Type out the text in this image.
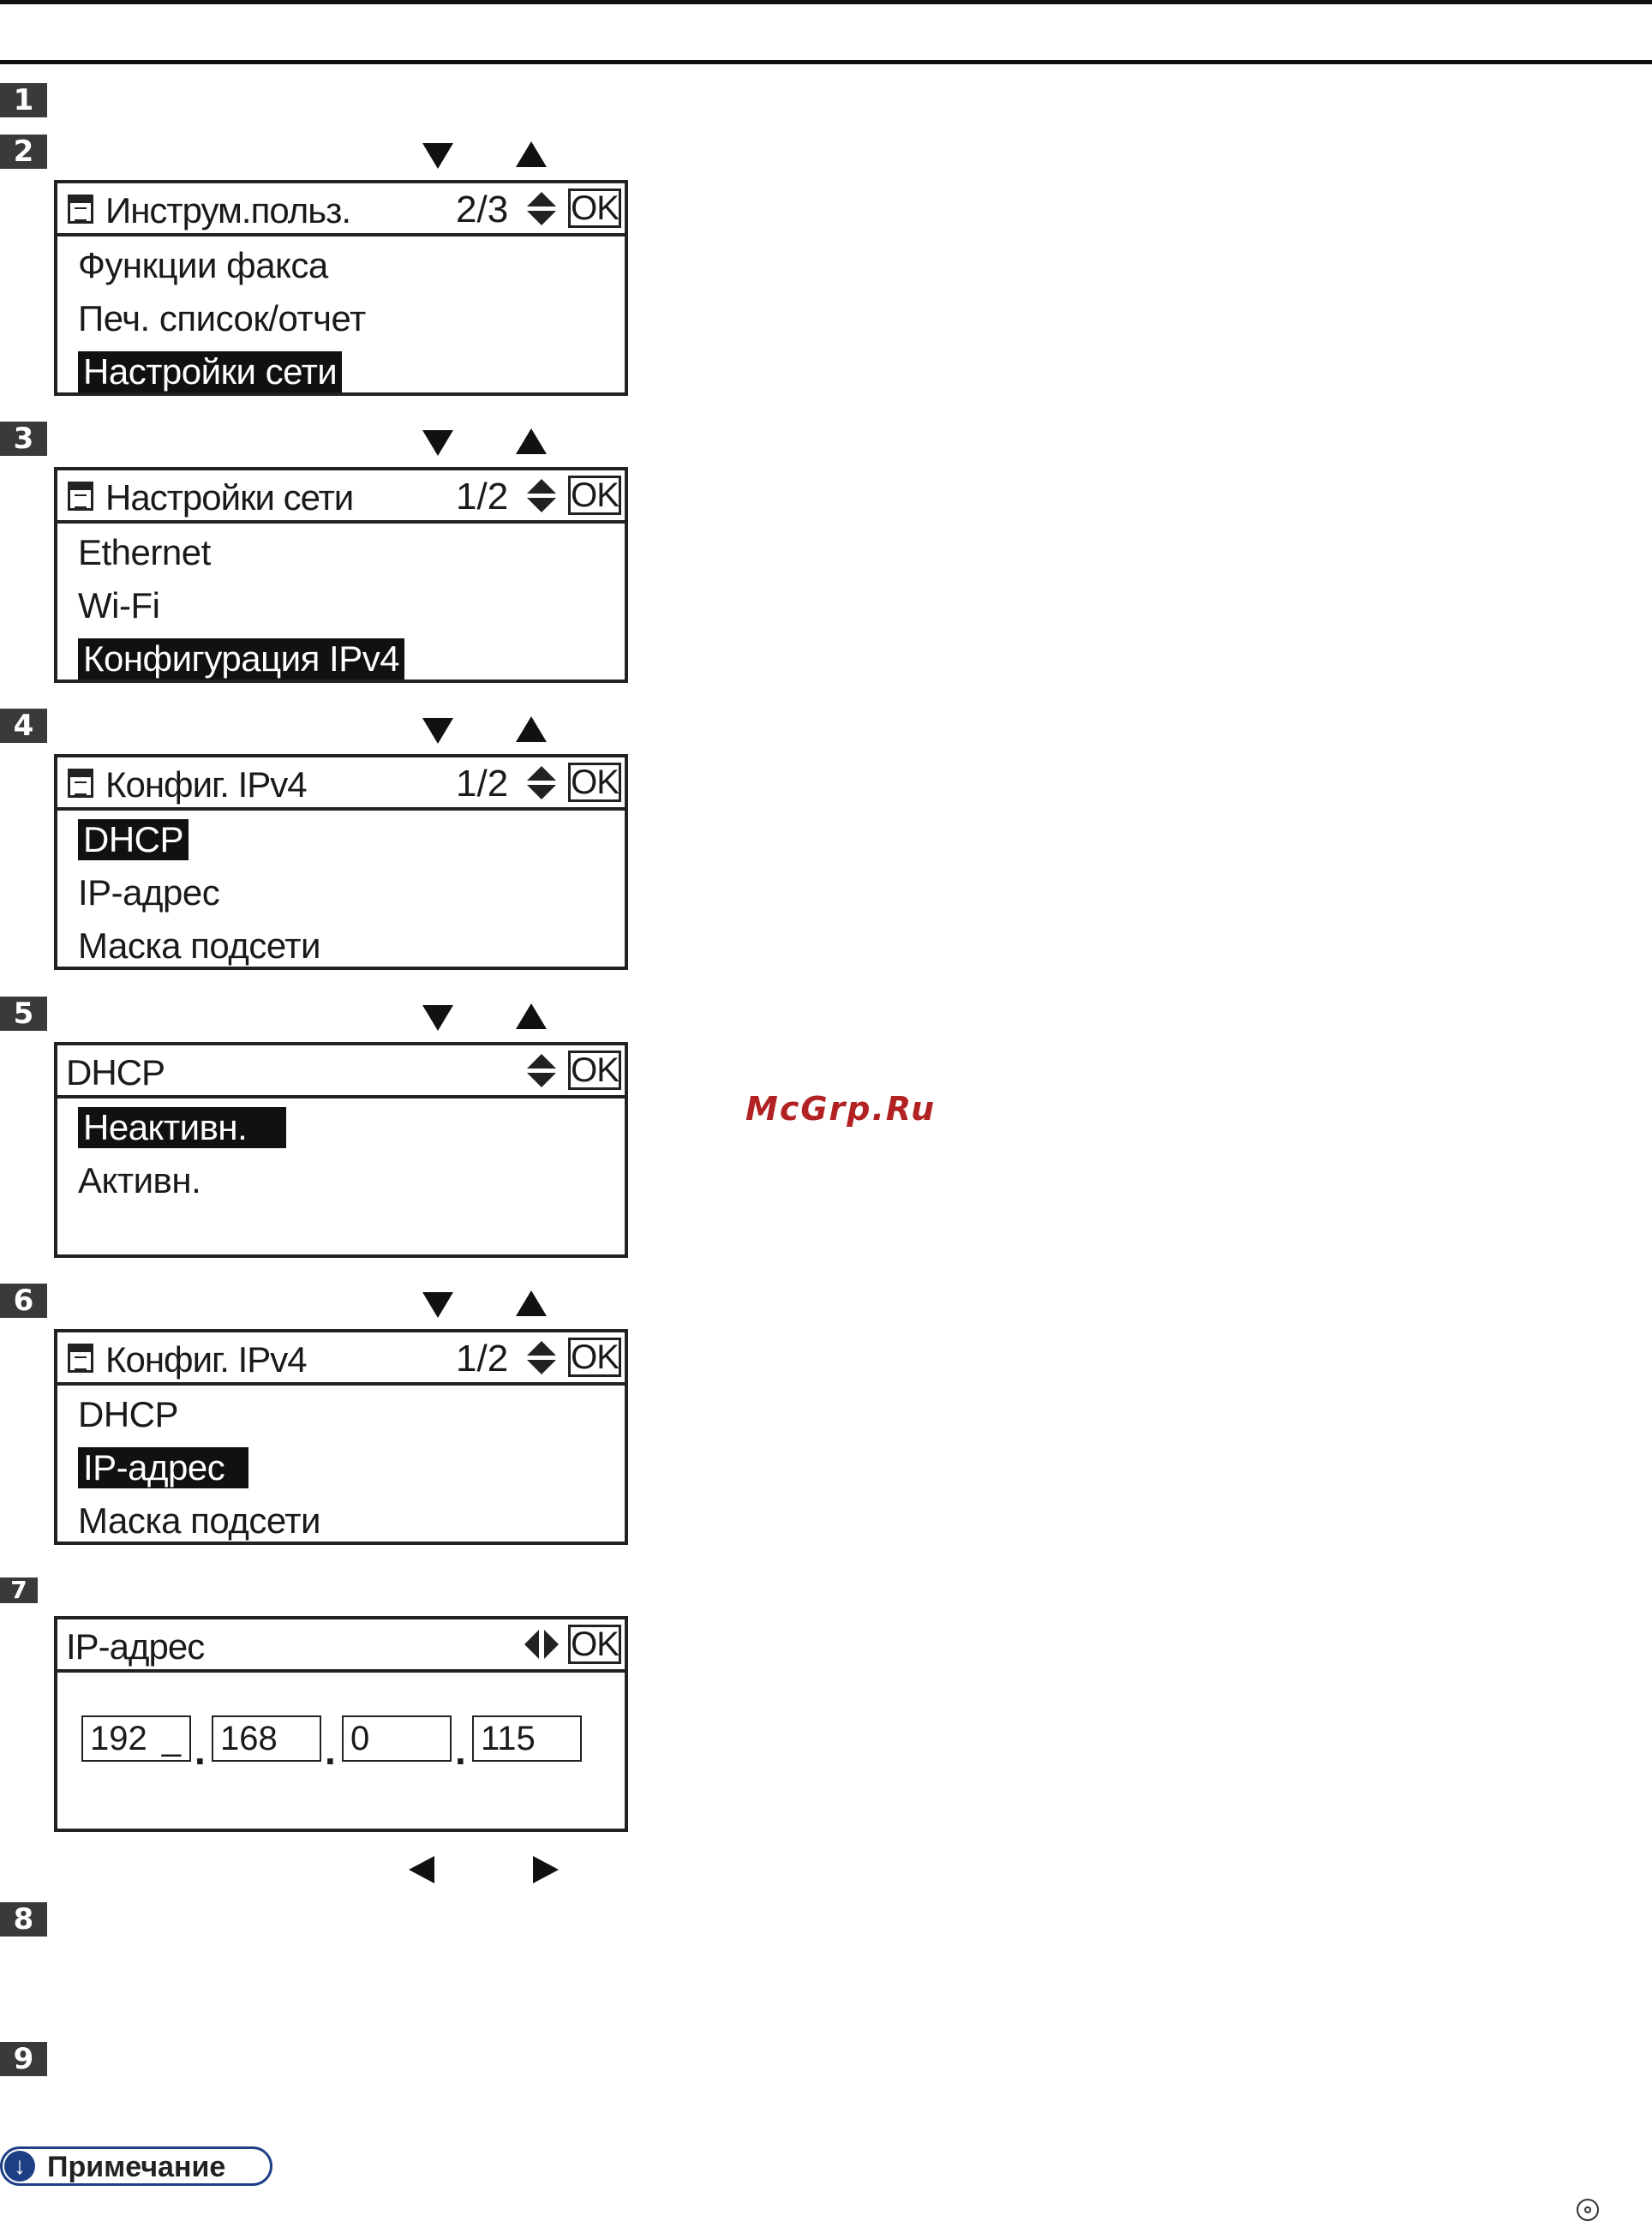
1
2
Инструм.польз.	2/3 OK
Функции факса
Печ. список/отчет
Настройки сети
3
Настройки сети	1/2 OK
Ethernet
Wi-Fi
Конфигурация IPv4
4
Конфиг. IPv4	1/2 OK
DHCP
IP-адрес
Маска подсети
5
DHCP	OK
Неактивн.
Активн.
6
Конфиг. IPv4	1/2 OK
DHCP
IP-адрес
Маска подсети
7
IP-адрес	OK
192 _ . 168	. 0	. 115
8
9
McGrp.Ru
↓ Примечание
